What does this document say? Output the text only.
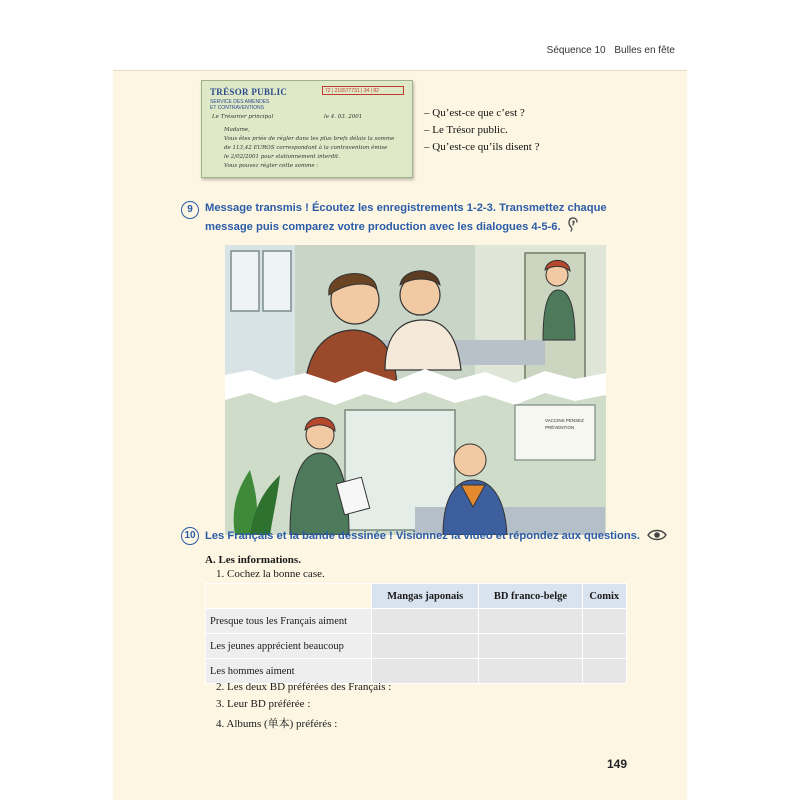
Séquence 10 Bulles en fête
TRÉSOR PUBLIC
SERVICE DES AMENDES
ET CONTRAVENTIONS
72 | 216577731 | 34 | 82
Le Trésorier principal	le 4. 03. 2001
Madame,
Vous êtes priée de régler dans les plus brefs délais la somme
de 113,42 EUROS correspondant à la contravention émise
le 2/02/2001 pour stationnement interdit.
Vous pouvez régler cette somme :
– Qu’est-ce que c’est ?
– Le Trésor public.
– Qu’est-ce qu’ils disent ?
9	Message transmis ! Écoutez les enregistrements 1-2-3. Transmettez chaque
message puis comparez votre production avec les dialogues 4-5-6.
VACCINS PENSEZ
PRÉVENTION
10 Les Français et la bande dessinée ! Visionnez la vidéo et répondez aux questions.
A. Les informations.
1. Cochez la bonne case.
	Mangas japonais	BD franco-belge	Comix
Presque tous les Français aiment			
Les jeunes apprécient beaucoup			
Les hommes aiment			
2. Les deux BD préférées des Français :
3. Leur BD préférée :
4. Albums (单本) préférés :
149
